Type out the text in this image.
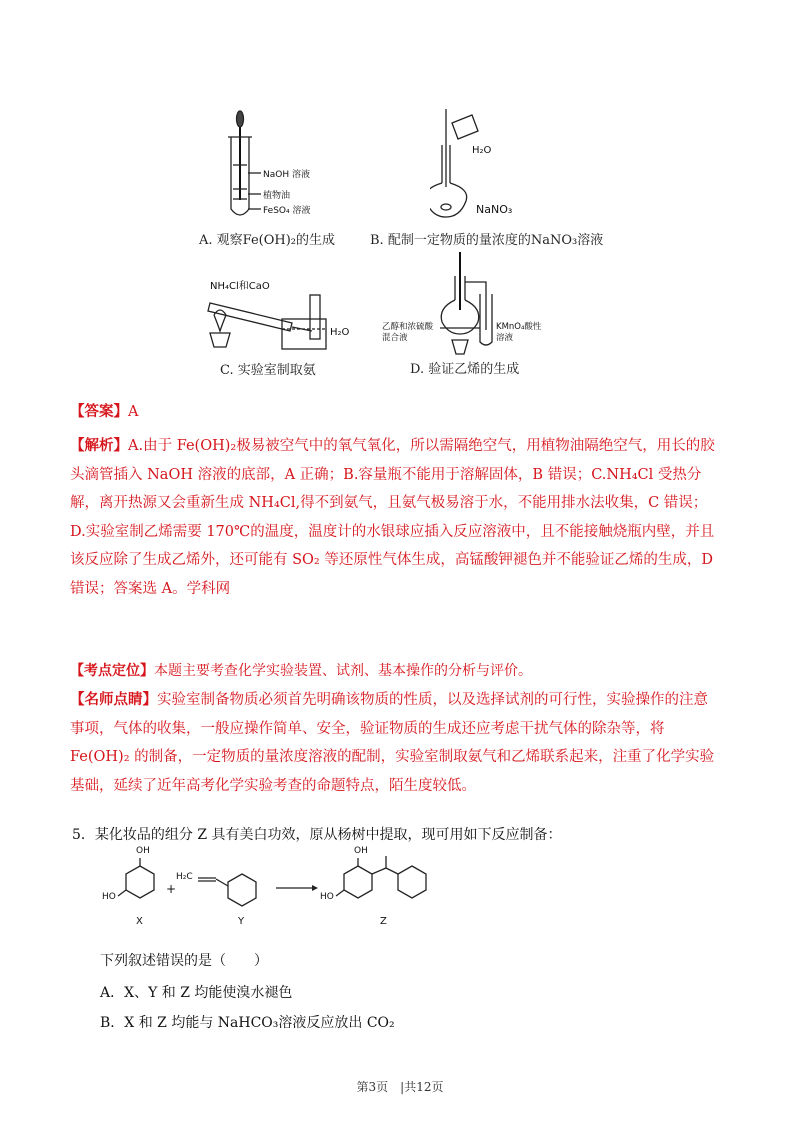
NaOH 溶液
植物油
FeSO₄ 溶液
A. 观察Fe(OH)₂的生成
H₂O
NaNO₃
B. 配制一定物质的量浓度的NaNO₃溶液
NH₄Cl和CaO
H₂O
C. 实验室制取氨
乙醇和浓硫酸混合液
KMnO₄酸性溶液
D. 验证乙烯的生成
【答案】A
【解析】A.由于 Fe(OH)₂极易被空气中的氧气氧化，所以需隔绝空气，用植物油隔绝空气，用长的胶头滴管插入 NaOH 溶液的底部，A 正确；B.容量瓶不能用于溶解固体，B 错误；C.NH₄Cl 受热分解，离开热源又会重新生成 NH₄Cl,得不到氨气，且氨气极易溶于水，不能用排水法收集，C 错误；D.实验室制乙烯需要 170℃的温度，温度计的水银球应插入反应溶液中，且不能接触烧瓶内壁，并且该反应除了生成乙烯外，还可能有 SO₂ 等还原性气体生成，高锰酸钾褪色并不能验证乙烯的生成，D 错误；答案选 A。学科网
【考点定位】本题主要考查化学实验装置、试剂、基本操作的分析与评价。
【名师点睛】实验室制备物质必须首先明确该物质的性质，以及选择试剂的可行性，实验操作的注意事项，气体的收集，一般应操作简单、安全，验证物质的生成还应考虑干扰气体的除杂等，将 Fe(OH)₂ 的制备，一定物质的量浓度溶液的配制，实验室制取氨气和乙烯联系起来，注重了化学实验基础，延续了近年高考化学实验考查的命题特点，陌生度较低。
5．某化妆品的组分 Z 具有美白功效，原从杨树中提取，现可用如下反应制备：
OH
HO
H₂C
+
OH
HO
X	Y	Z
下列叙述错误的是（　　）
A．X、Y 和 Z 均能使溴水褪色
B．X 和 Z 均能与 NaHCO₃溶液反应放出 CO₂
第3页　|共12页
